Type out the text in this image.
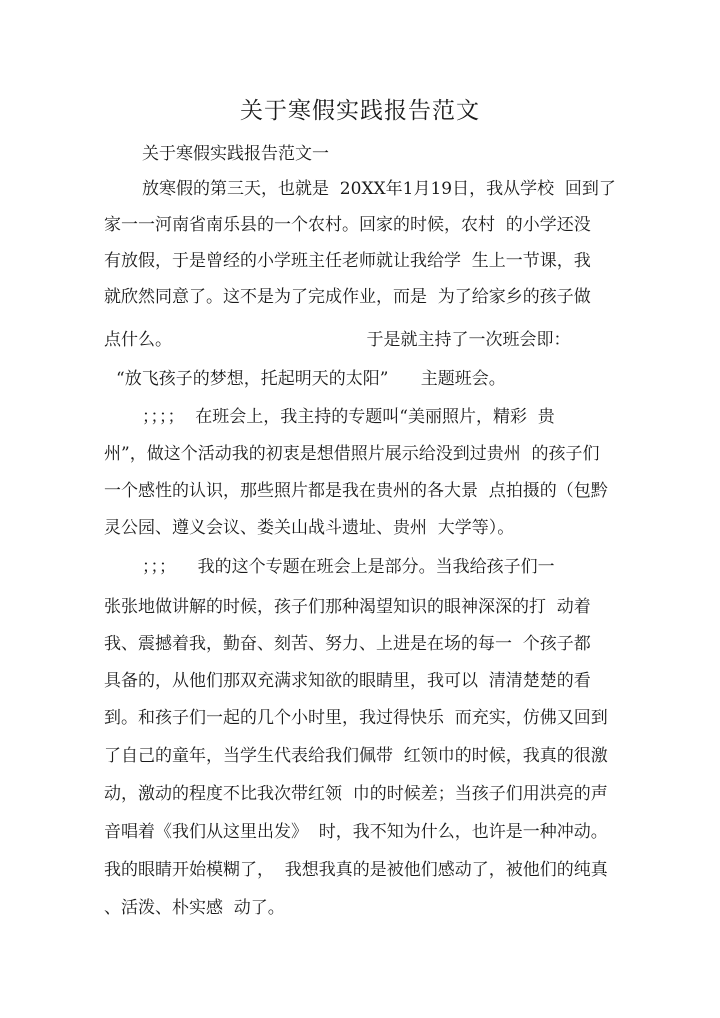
关于寒假实践报告范文
关于寒假实践报告范文一
放寒假的第三天，也就是  20XX年1月19日，我从学校  回到了
家一一河南省南乐县的一个农村。回家的时候，农村  的小学还没
有放假，于是曾经的小学班主任老师就让我给学  生上一节课，我
就欣然同意了。这不是为了完成作业，而是  为了给家乡的孩子做
点什么。                                    于是就主持了一次班会即：
“放飞孩子的梦想，托起明天的太阳”      主题班会。
；；；；  在班会上，我主持的专题叫“美丽照片，精彩  贵
州”，做这个活动我的初衷是想借照片展示给没到过贵州  的孩子们
一个感性的认识，那些照片都是我在贵州的各大景  点拍摄的（包黔
灵公园、遵义会议、娄关山战斗遗址、贵州  大学等）。
；；；    我的这个专题在班会上是部分。当我给孩子们一
张张地做讲解的时候，孩子们那种渴望知识的眼神深深的打  动着
我、震撼着我，勤奋、刻苦、努力、上进是在场的每一  个孩子都
具备的，从他们那双充满求知欲的眼睛里，我可以  清清楚楚的看
到。和孩子们一起的几个小时里，我过得快乐  而充实，仿佛又回到
了自己的童年，当学生代表给我们佩带  红领巾的时候，我真的很激
动，激动的程度不比我次带红领  巾的时候差；当孩子们用洪亮的声
音唱着《我们从这里出发》  时，我不知为什么，也许是一种冲动。
我的眼睛开始模糊了，  我想我真的是被他们感动了，被他们的纯真
、活泼、朴实感  动了。
